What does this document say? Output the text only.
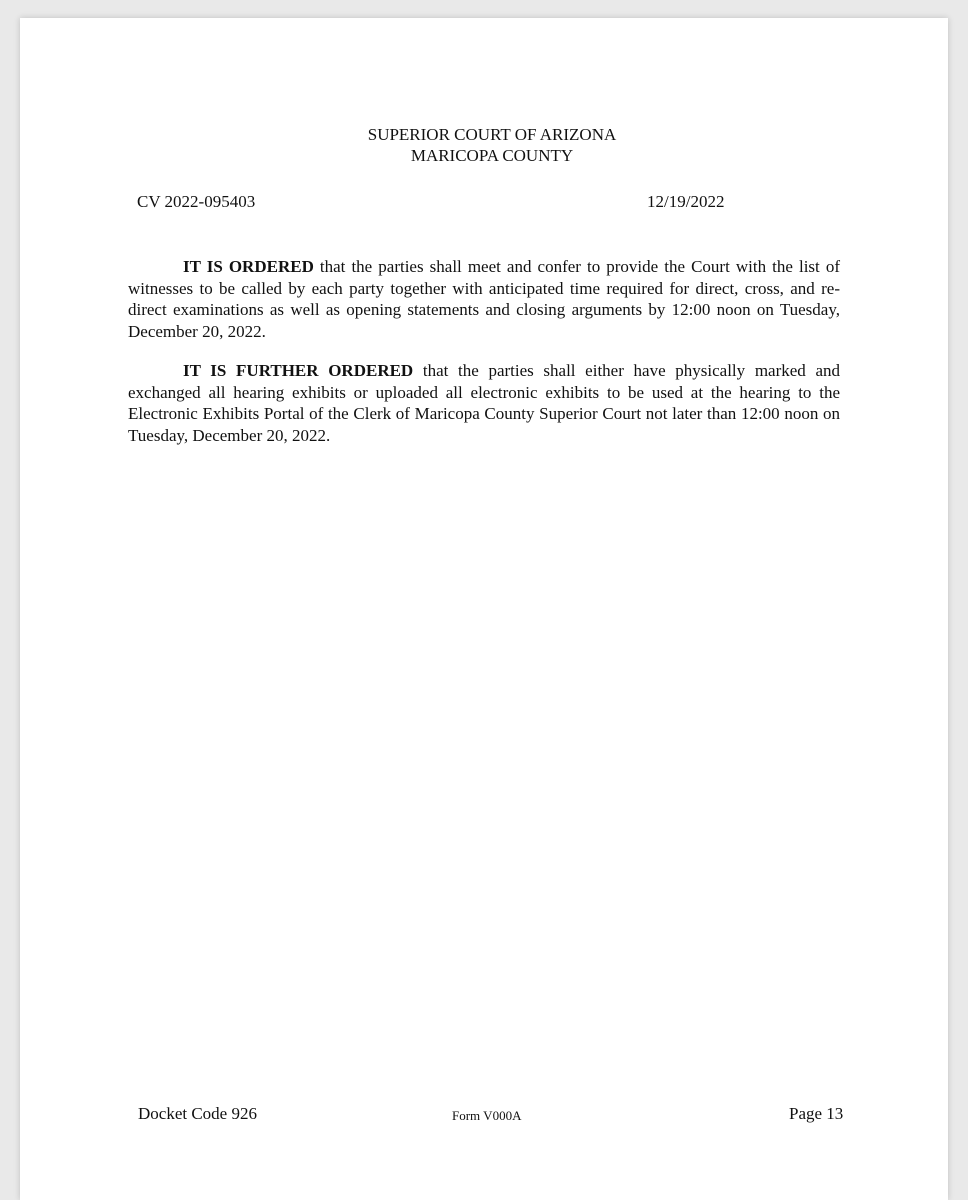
SUPERIOR COURT OF ARIZONA
MARICOPA COUNTY
CV 2022-095403	12/19/2022

IT IS ORDERED that the parties shall meet and confer to provide the Court with the list of witnesses to be called by each party together with anticipated time required for direct, cross, and re-direct examinations as well as opening statements and closing arguments by 12:00 noon on Tuesday, December 20, 2022.

IT IS FURTHER ORDERED that the parties shall either have physically marked and exchanged all hearing exhibits or uploaded all electronic exhibits to be used at the hearing to the Electronic Exhibits Portal of the Clerk of Maricopa County Superior Court not later than 12:00 noon on Tuesday, December 20, 2022.

Docket Code 926	Form V000A	Page 13
